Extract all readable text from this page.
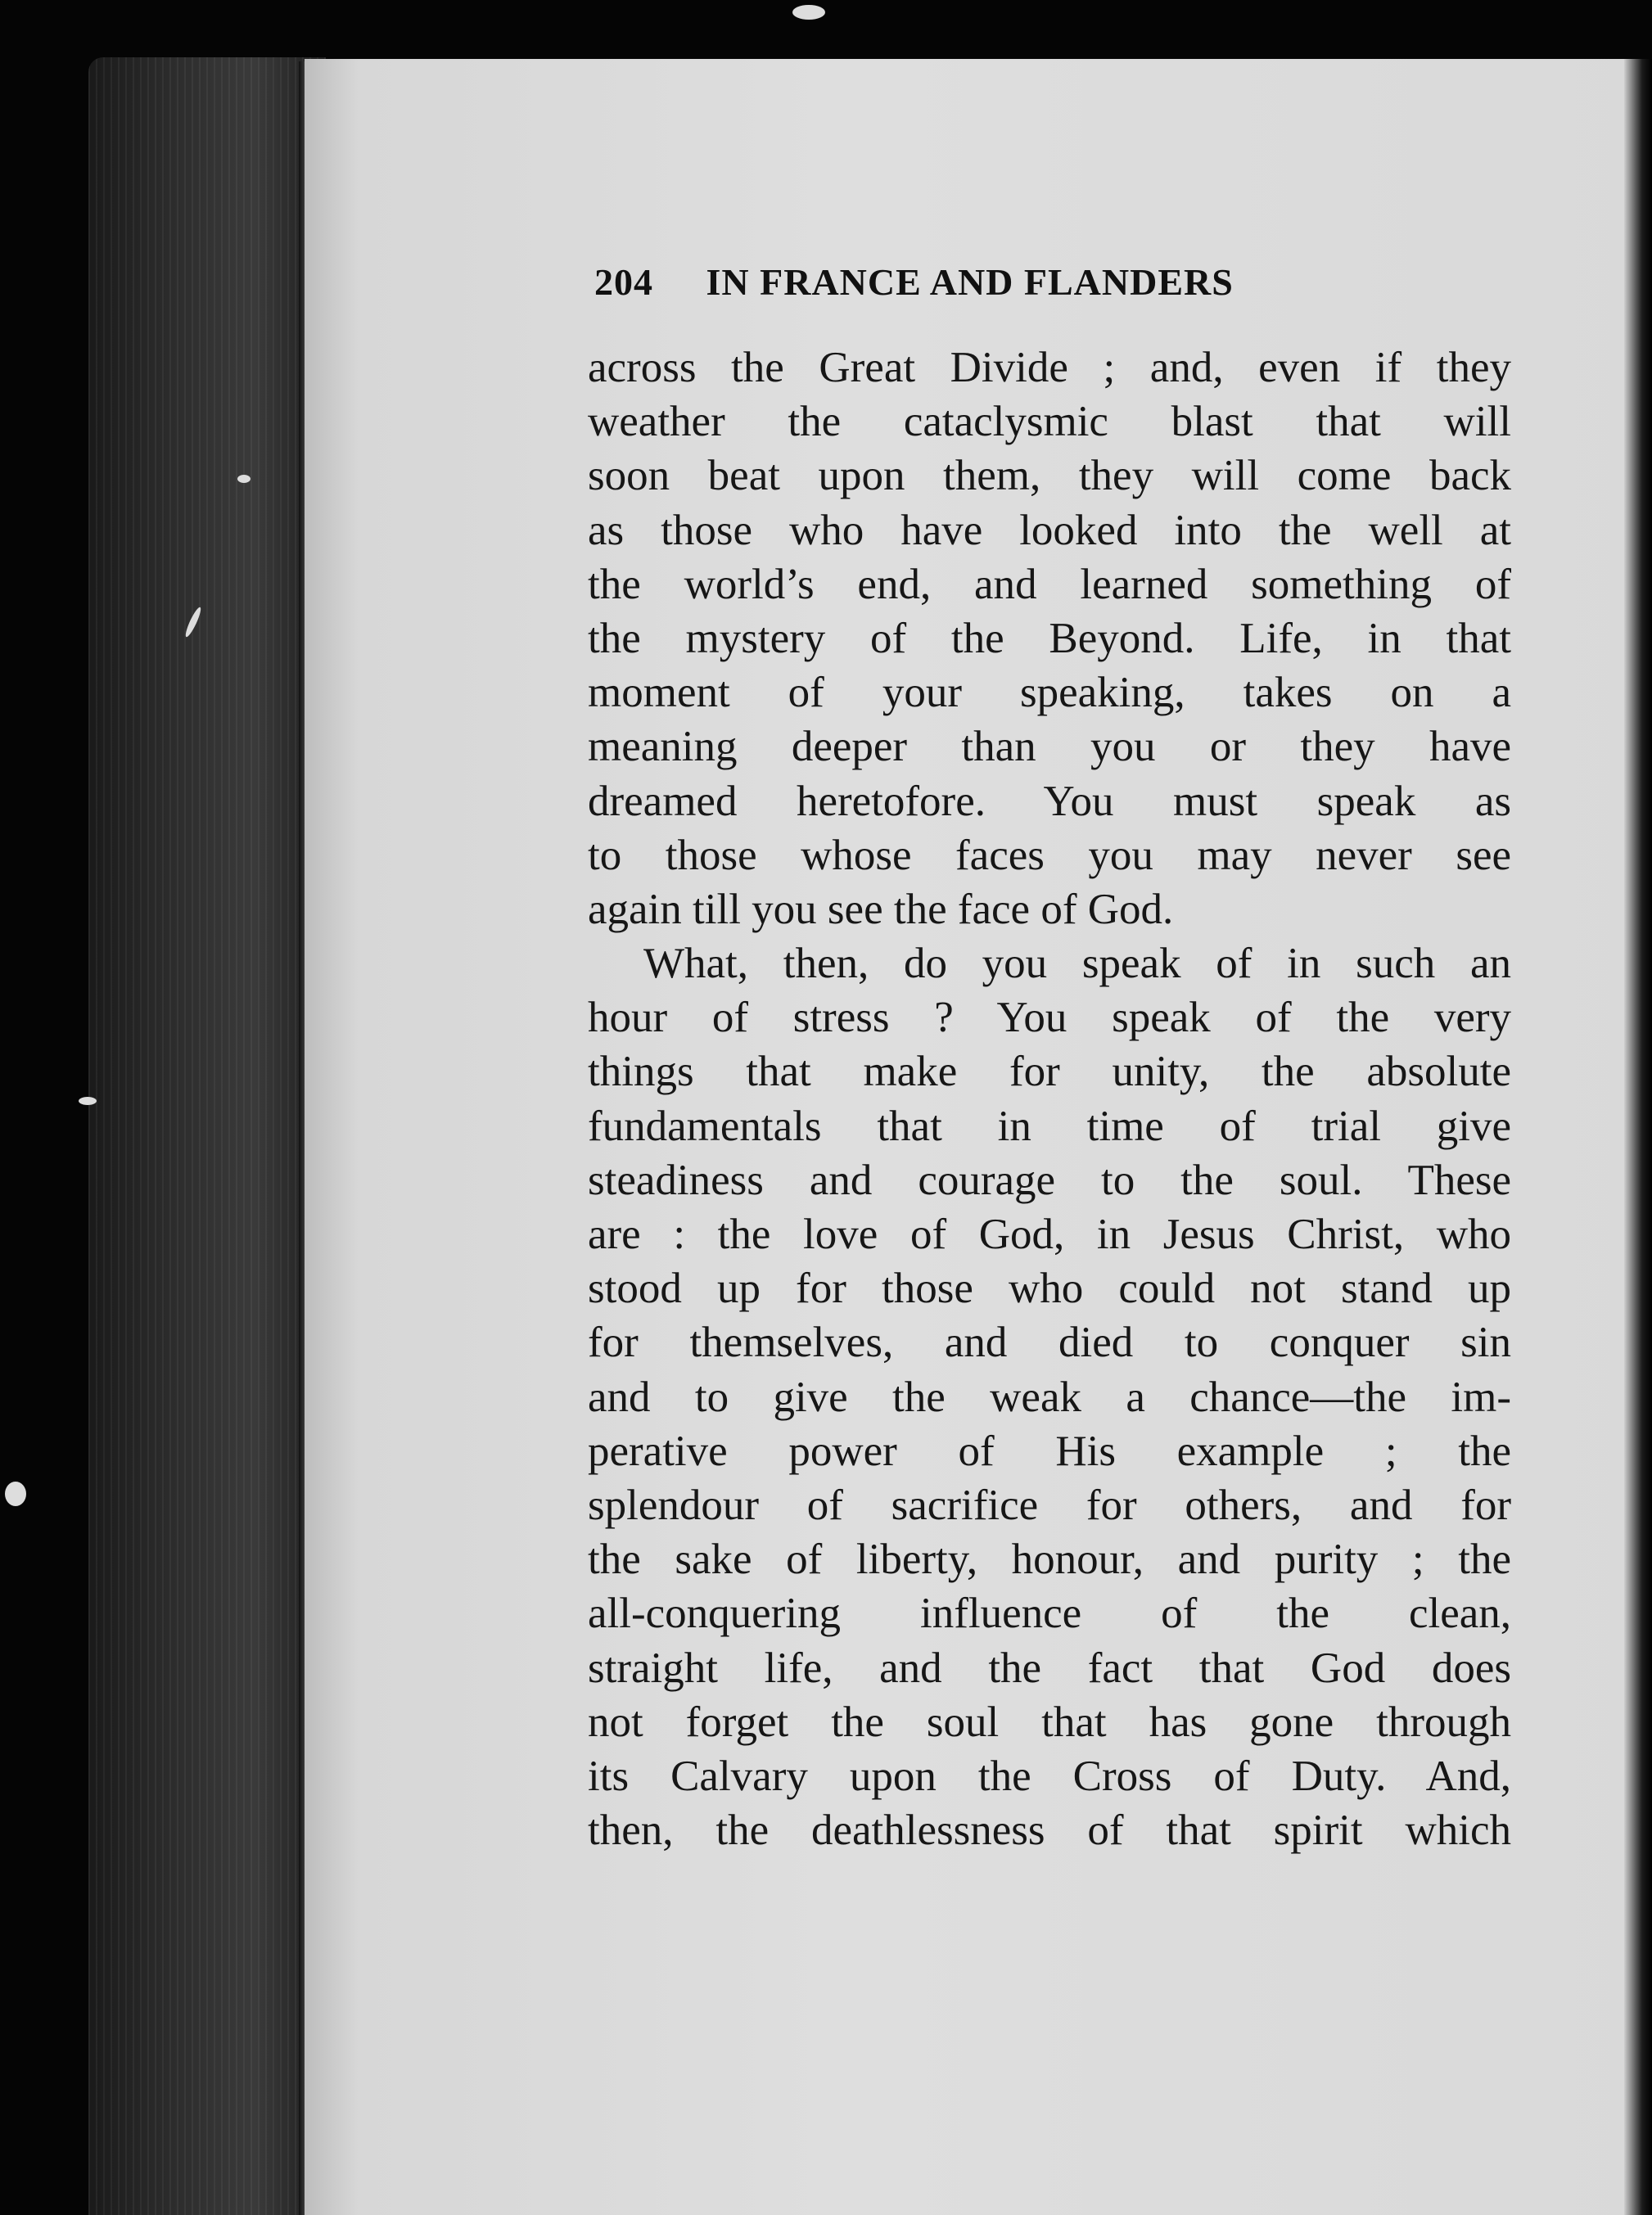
204 IN FRANCE AND FLANDERS
across the Great Divide ; and, even if they
weather the cataclysmic blast that will
soon beat upon them, they will come back
as those who have looked into the well at
the world’s end, and learned something of
the mystery of the Beyond. Life, in that
moment of your speaking, takes on a
meaning deeper than you or they have
dreamed heretofore. You must speak as
to those whose faces you may never see
again till you see the face of God.
What, then, do you speak of in such an
hour of stress ? You speak of the very
things that make for unity, the absolute
fundamentals that in time of trial give
steadiness and courage to the soul. These
are : the love of God, in Jesus Christ, who
stood up for those who could not stand up
for themselves, and died to conquer sin
and to give the weak a chance—the im-
perative power of His example ; the
splendour of sacrifice for others, and for
the sake of liberty, honour, and purity ; the
all-conquering influence of the clean,
straight life, and the fact that God does
not forget the soul that has gone through
its Calvary upon the Cross of Duty. And,
then, the deathlessness of that spirit which
